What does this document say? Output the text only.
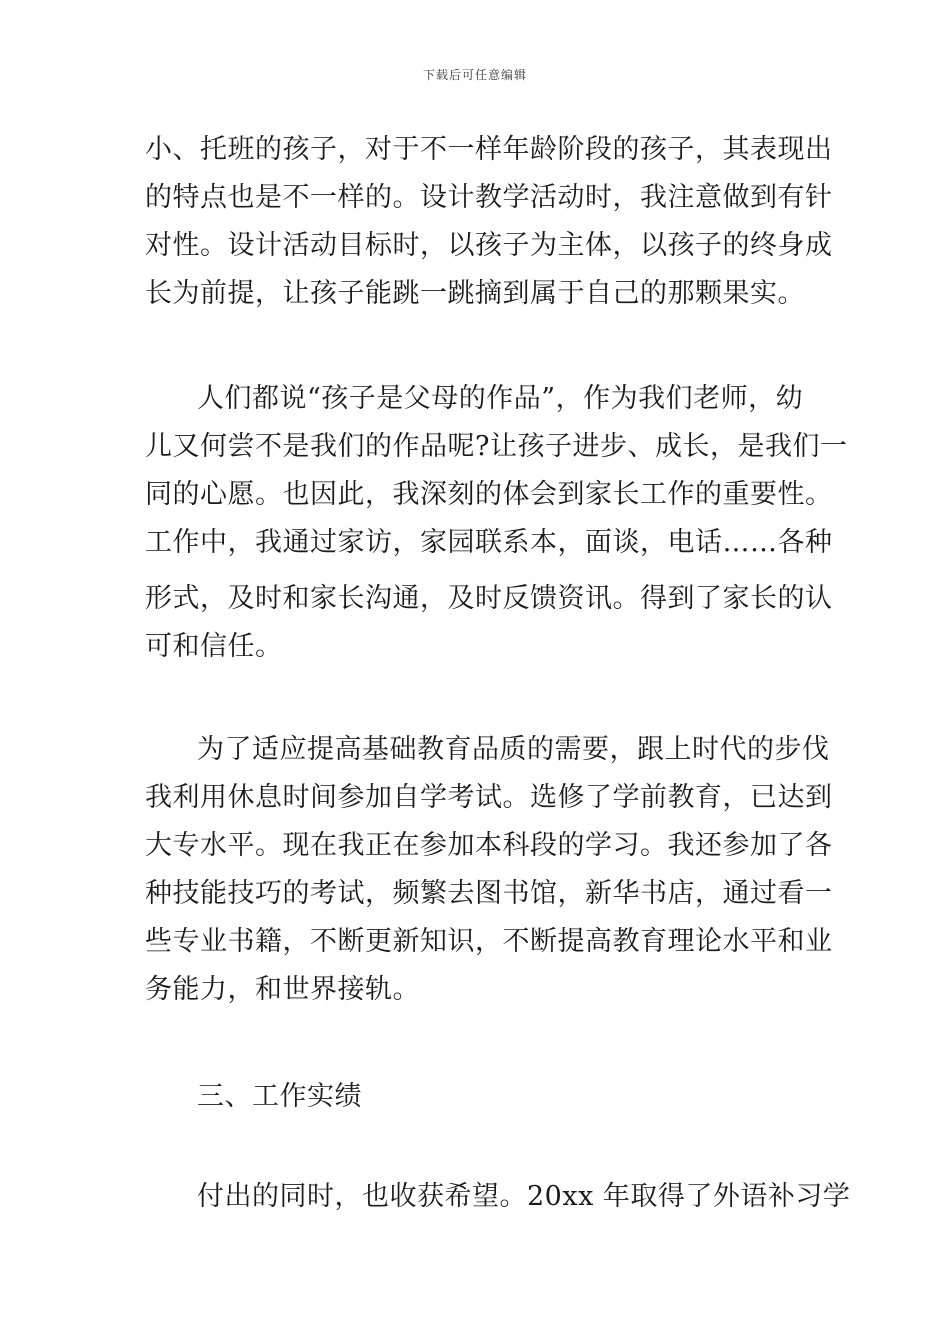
下载后可任意编辑
小、托班的孩子，对于不一样年龄阶段的孩子，其表现出
的特点也是不一样的。设计教学活动时，我注意做到有针
对性。设计活动目标时，以孩子为主体，以孩子的终身成
长为前提，让孩子能跳一跳摘到属于自己的那颗果实。
人们都说“孩子是父母的作品”，作为我们老师，幼
儿又何尝不是我们的作品呢?让孩子进步、成长，是我们一
同的心愿。也因此，我深刻的体会到家长工作的重要性。
工作中，我通过家访，家园联系本，面谈，电话……各种
形式，及时和家长沟通，及时反馈资讯。得到了家长的认
可和信任。
为了适应提高基础教育品质的需要，跟上时代的步伐
我利用休息时间参加自学考试。选修了学前教育，已达到
大专水平。现在我正在参加本科段的学习。我还参加了各
种技能技巧的考试，频繁去图书馆，新华书店，通过看一
些专业书籍，不断更新知识，不断提高教育理论水平和业
务能力，和世界接轨。
三、工作实绩
付出的同时，也收获希望。20xx 年取得了外语补习学
